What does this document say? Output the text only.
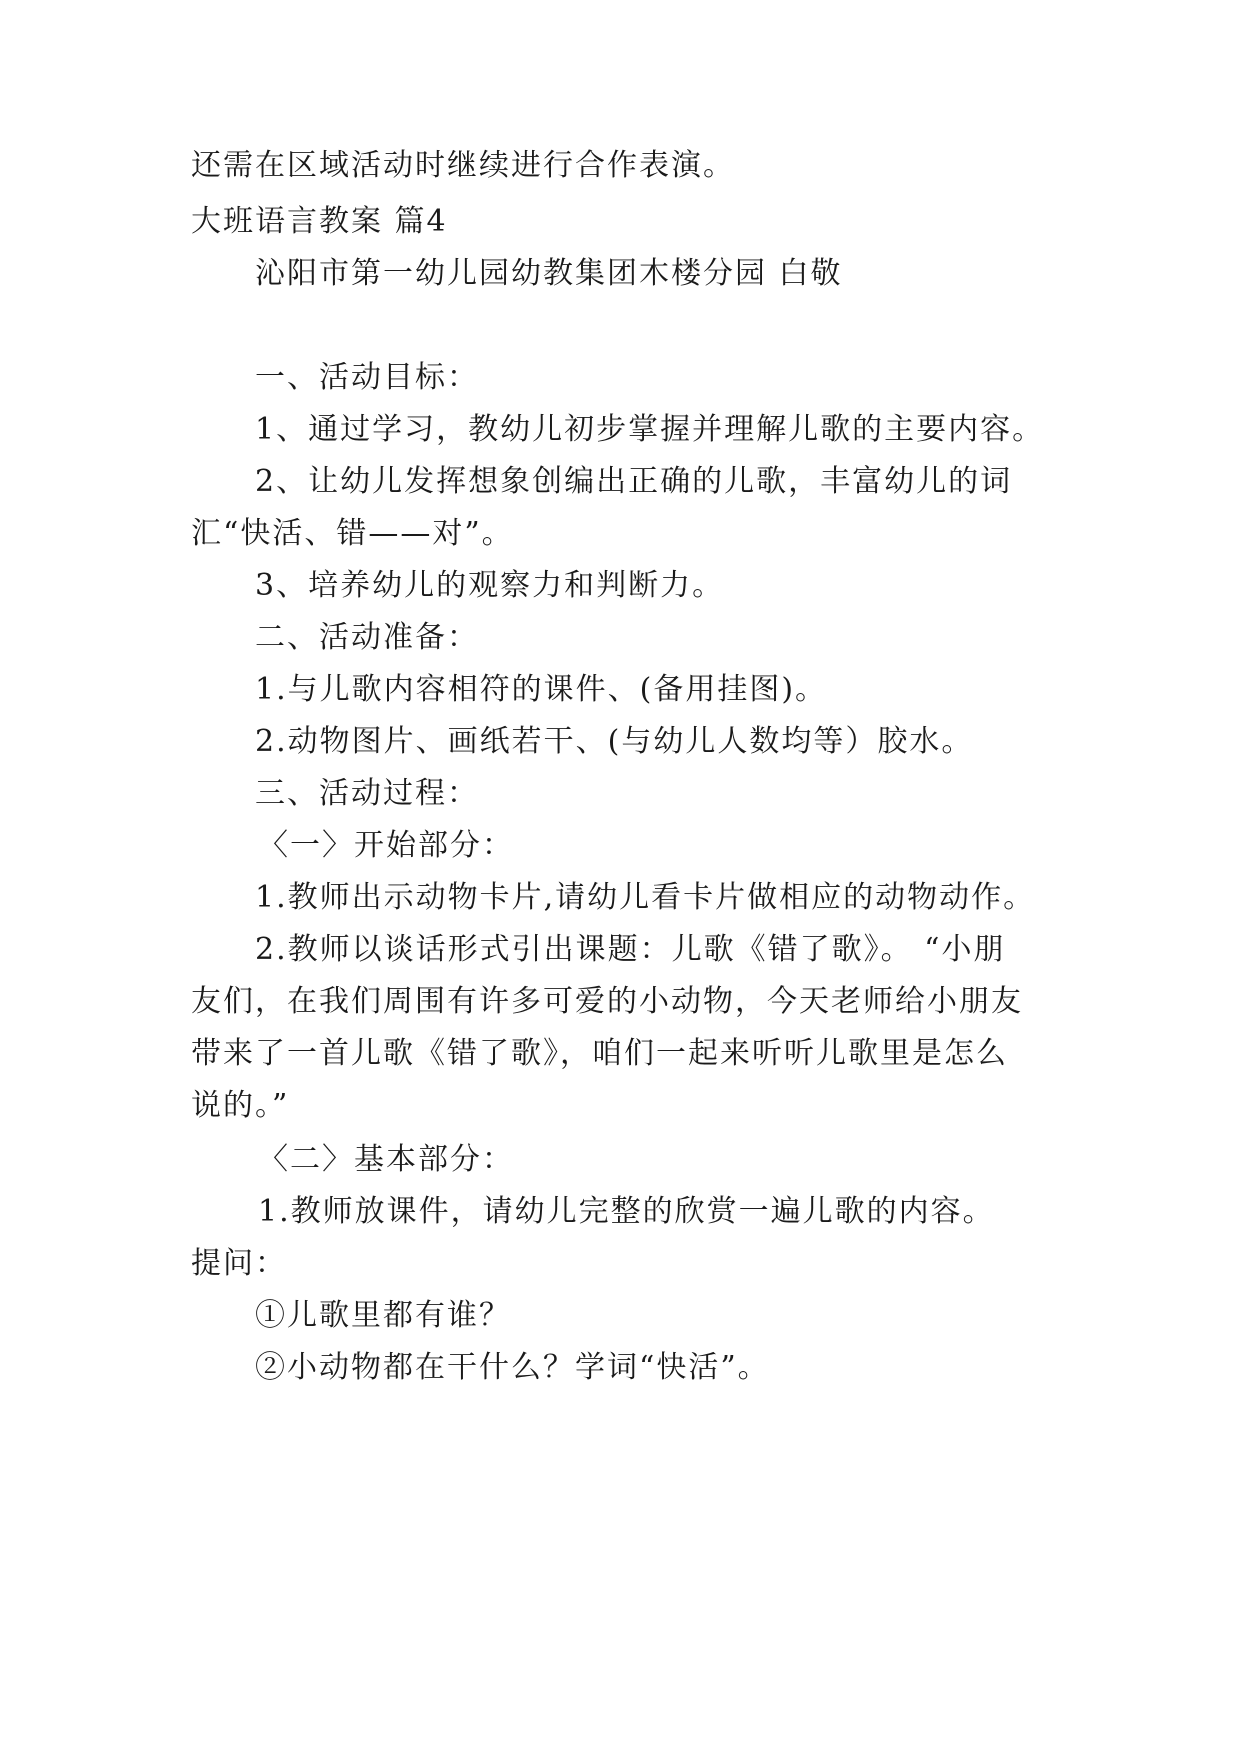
还需在区域活动时继续进行合作表演。
大班语言教案 篇4
沁阳市第一幼儿园幼教集团木楼分园 白敬
一、活动目标：
1、通过学习，教幼儿初步掌握并理解儿歌的主要内容。
2、让幼儿发挥想象创编出正确的儿歌，丰富幼儿的词
汇“快活、错——对”。
3、培养幼儿的观察力和判断力。
二、活动准备：
1.与儿歌内容相符的课件、(备用挂图)。
2.动物图片、画纸若干、(与幼儿人数均等）胶水。
三、活动过程：
〈一〉开始部分：
1.教师出示动物卡片,请幼儿看卡片做相应的动物动作。
2.教师以谈话形式引出课题：儿歌《错了歌》。 “小朋
友们，在我们周围有许多可爱的小动物，今天老师给小朋友
带来了一首儿歌《错了歌》，咱们一起来听听儿歌里是怎么
说的。”
〈二〉基本部分：
1.教师放课件，请幼儿完整的欣赏一遍儿歌的内容。
提问：
①儿歌里都有谁？
②小动物都在干什么？学词“快活”。
